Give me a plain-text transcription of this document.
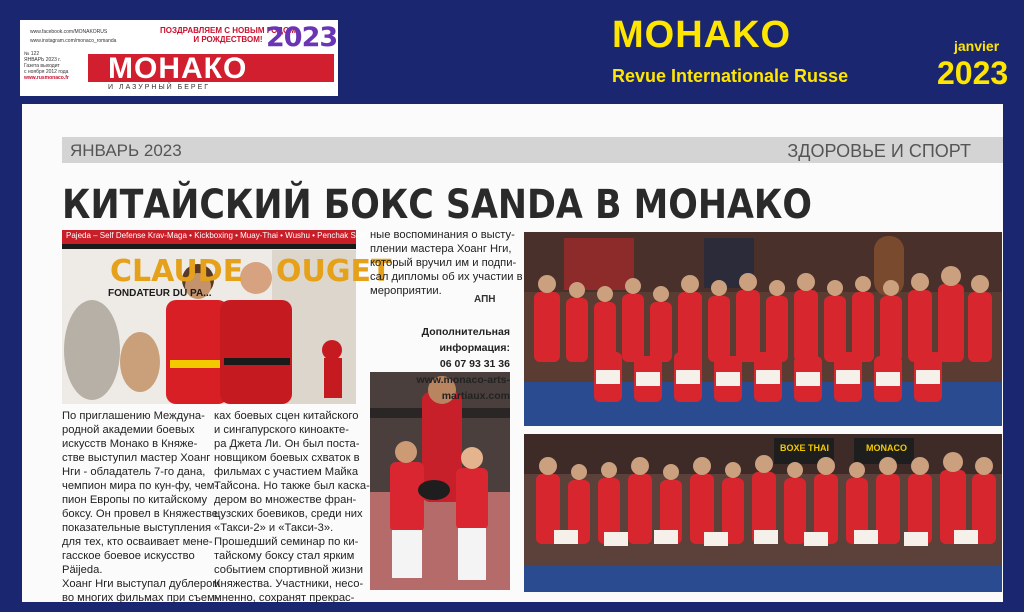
www.facebook.com/MONAKORUS
www.instagram.com/monaco_romanda
ПОЗДРАВЛЯЕМ С НОВЫМ ГОДОМ
И РОЖДЕСТВОМ! 2023
№ 122
ЯНВАРЬ 2023 г.
Газета выходит
с ноября 2012 года
www.rusmonaco.fr МОНАКО
И ЛАЗУРНЫЙ БЕРЕГ
MOHAKO
Revue Internationale Russe
janvier
2023
ЯНВАРЬ 2023	ЗДОРОВЬЕ И СПОРТ
КИТАЙСКИЙ БОКС SANDA В МОНАКО
Pajeda – Self Defense Krav-Maga • Kickboxing • Muay-Thai • Wushu • Penchak Silat • N.N.
CLAUDE OUGET
FONDATEUR DU PA...
BOXE THAI	MONACO
По приглашению Междуна-
родной академии боевых
искусств Монако в Княже-
стве выступил мастер Хоанг
Нги - обладатель 7-го дана,
чемпион мира по кун-фу, чем-
пион Европы по китайскому
боксу. Он провел в Княжестве
показательные выступления
для тех, кто осваивает мене-
гасское боевое искусство
Päijeda.
Хоанг Нги выступал дублером
во многих фильмах при съем-
ках боевых сцен китайского
и сингапурского киноакте-
ра Джета Ли. Он был поста-
новщиком боевых схваток в
фильмах с участием Майка
Тайсона. Но также был каска-
дером во множестве фран-
цузских боевиков, среди них
«Такси-2» и «Такси-3».
Прошедший семинар по ки-
тайскому боксу стал ярким
событием спортивной жизни
Княжества. Участники, несо-
мненно, сохранят прекрас-
ные воспоминания о высту-
плении мастера Хоанг Нги,
который вручил им и подпи-
сал дипломы об их участии в
мероприятии.
АПН
Дополнительная информация:
06 07 93 31 36
www.monaco-arts-martiaux.com
